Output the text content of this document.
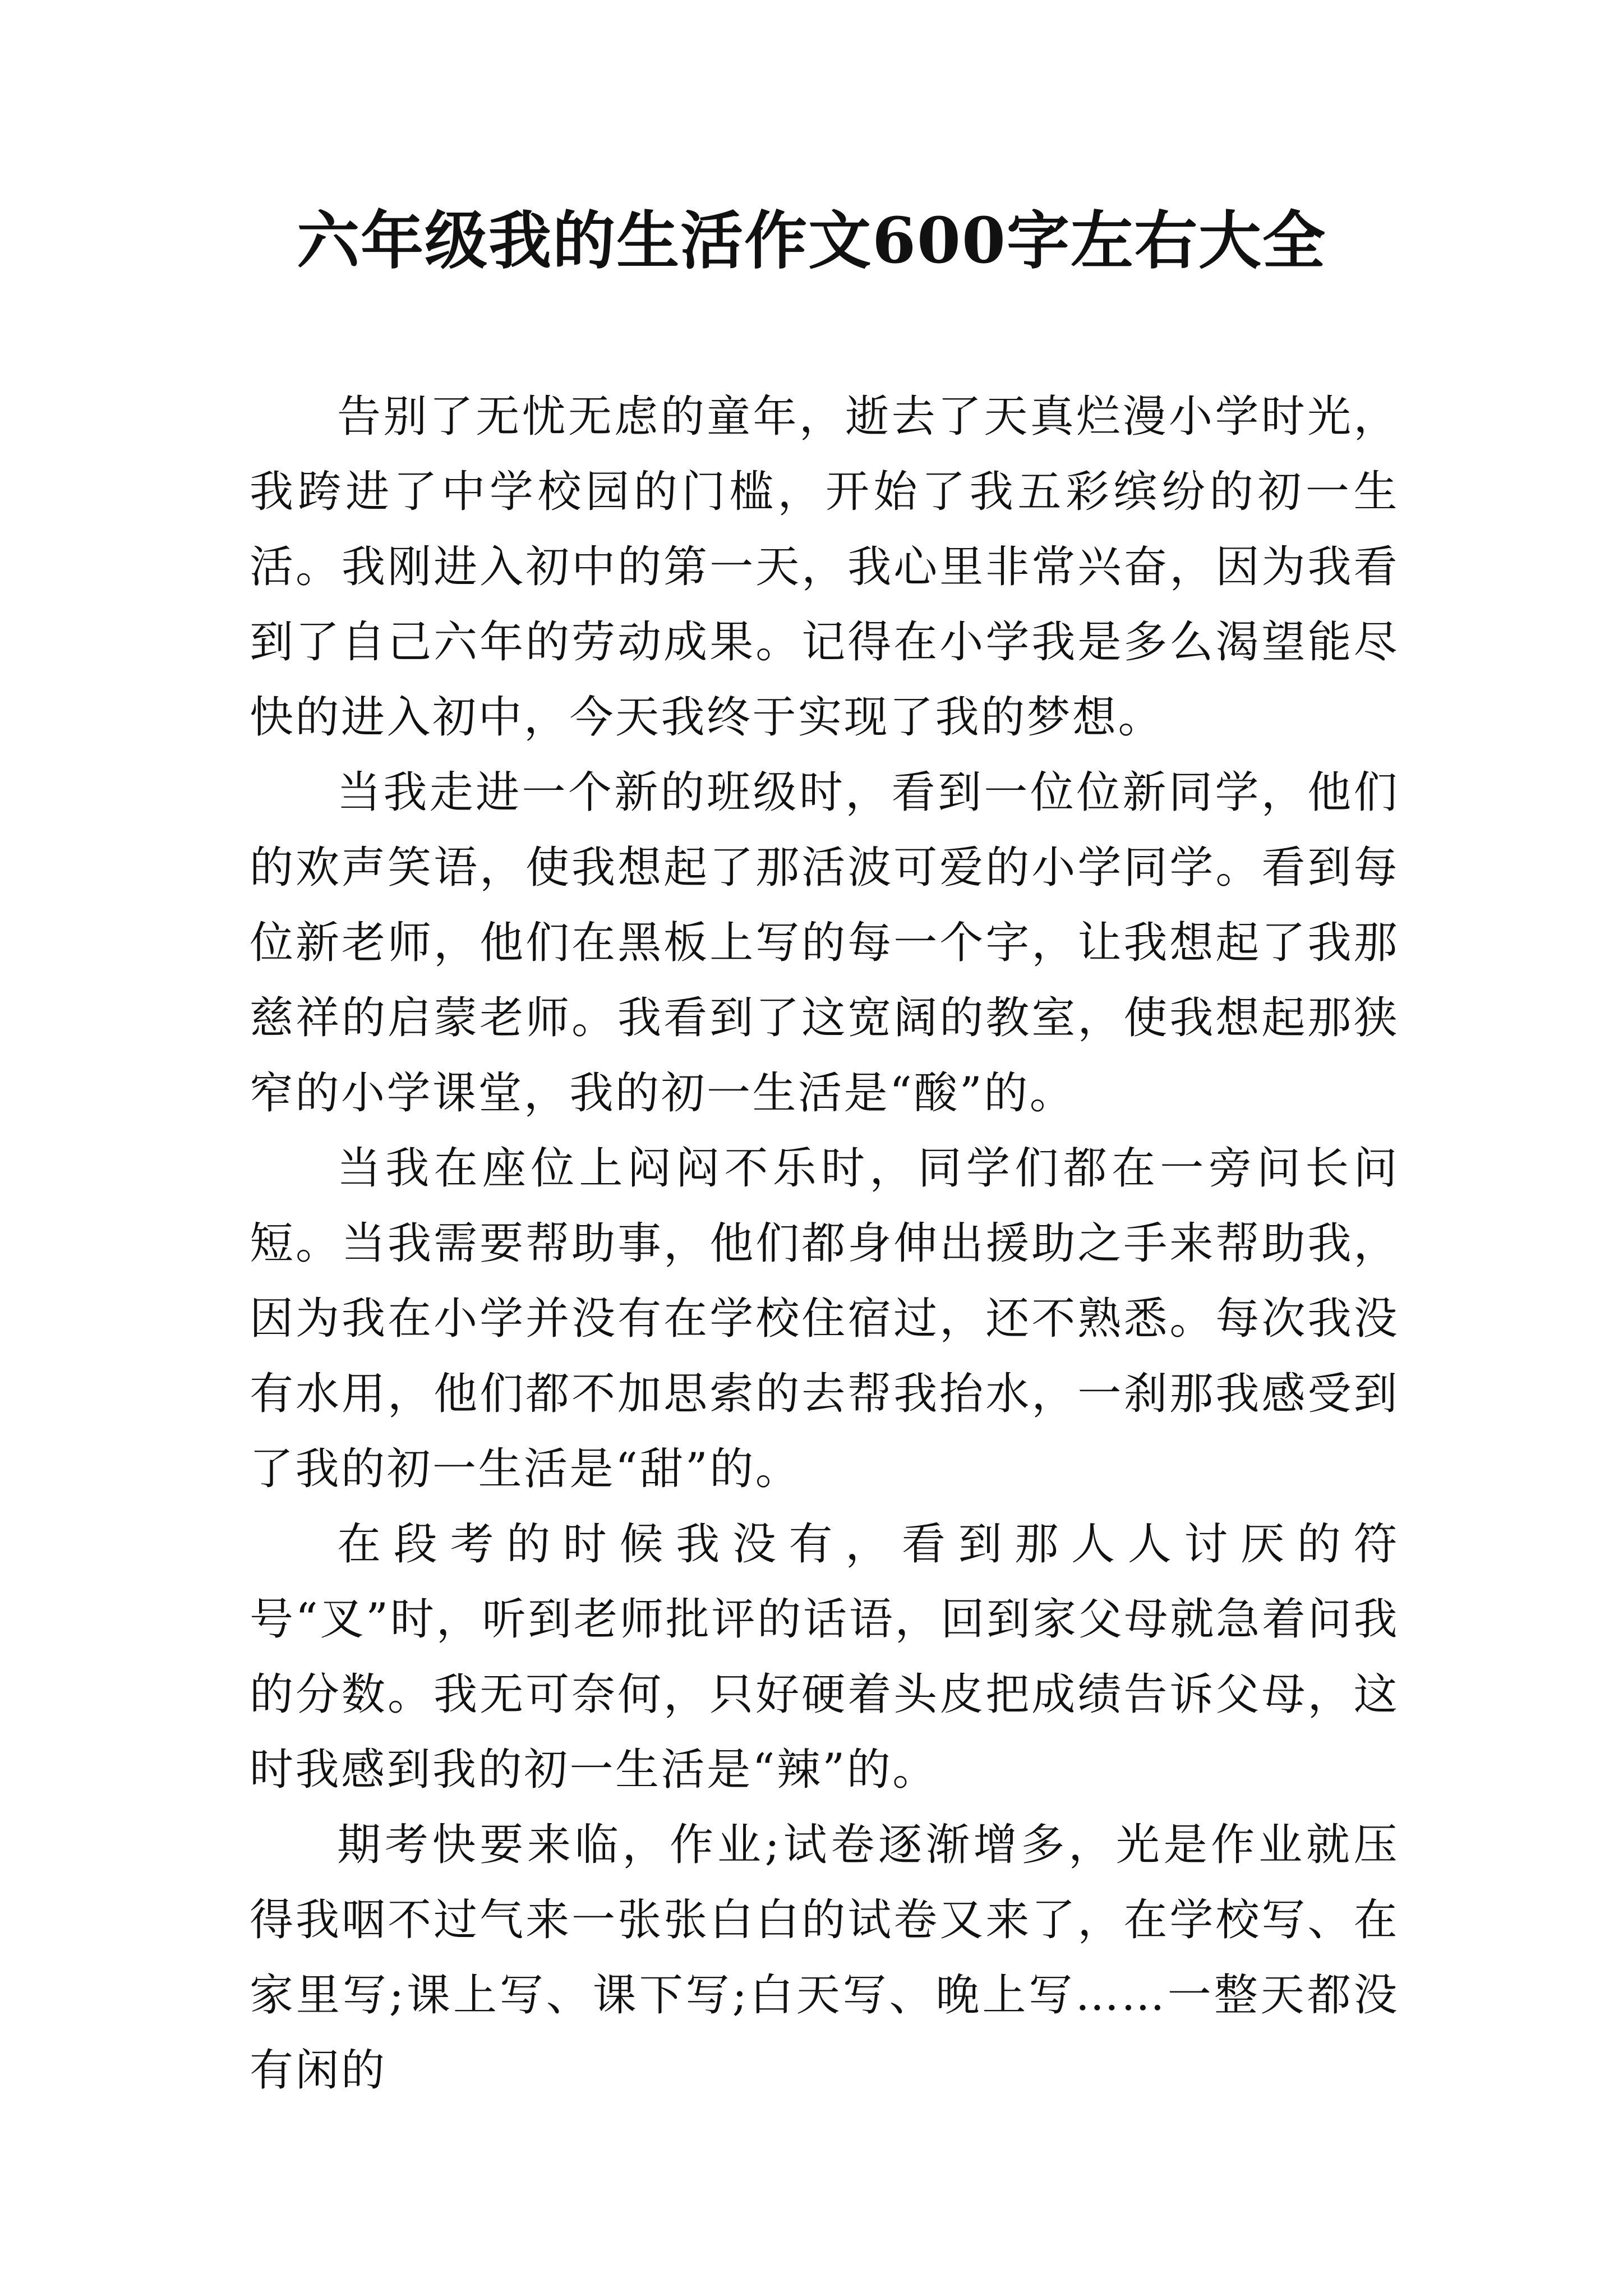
六年级我的生活作文600字左右大全

告别了无忧无虑的童年，逝去了天真烂漫小学时光，我跨进了中学校园的门槛，开始了我五彩缤纷的初一生活。我刚进入初中的第一天，我心里非常兴奋，因为我看到了自己六年的劳动成果。记得在小学我是多么渴望能尽快的进入初中，今天我终于实现了我的梦想。

当我走进一个新的班级时，看到一位位新同学，他们的欢声笑语，使我想起了那活波可爱的小学同学。看到每位新老师，他们在黑板上写的每一个字，让我想起了我那慈祥的启蒙老师。我看到了这宽阔的教室，使我想起那狭窄的小学课堂，我的初一生活是“酸”的。

当我在座位上闷闷不乐时，同学们都在一旁问长问短。当我需要帮助事，他们都身伸出援助之手来帮助我，因为我在小学并没有在学校住宿过，还不熟悉。每次我没有水用，他们都不加思索的去帮我抬水，一刹那我感受到了我的初一生活是“甜”的。

在段考的时候我没有，看到那人人讨厌的符号“叉”时，听到老师批评的话语，回到家父母就急着问我的分数。我无可奈何，只好硬着头皮把成绩告诉父母，这时我感到我的初一生活是“辣”的。

期考快要来临，作业;试卷逐渐增多，光是作业就压得我咽不过气来一张张白白的试卷又来了，在学校写、在家里写;课上写、课下写;白天写、晚上写……一整天都没有闲的
